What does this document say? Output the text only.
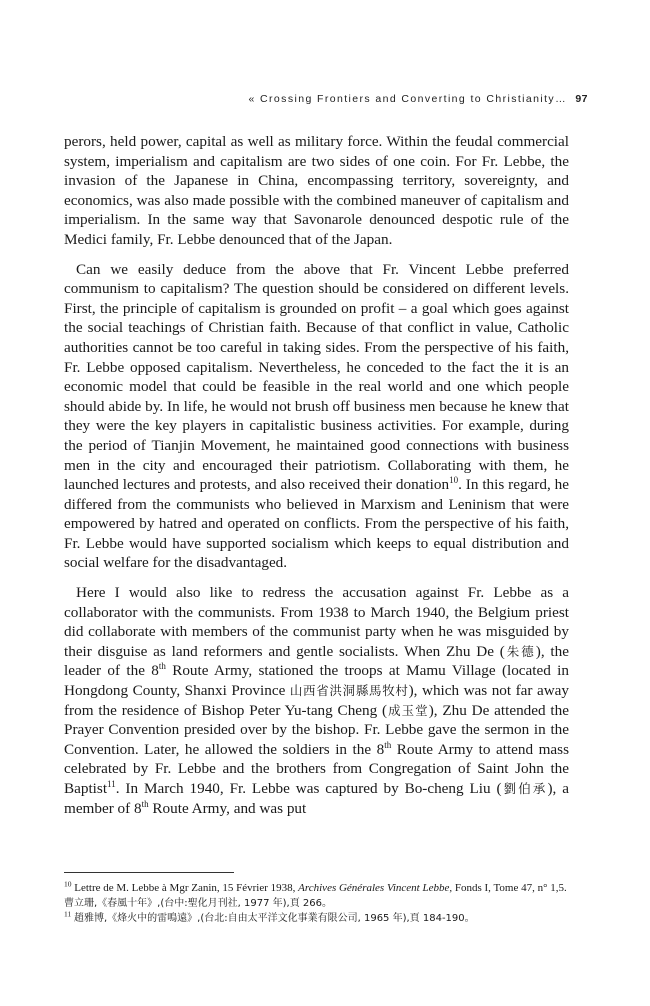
« Crossing Frontiers and Converting to Christianity… 97

perors, held power, capital as well as military force. Within the feudal commercial system, imperialism and capitalism are two sides of one coin. For Fr. Lebbe, the invasion of the Japanese in China, encompassing territory, sovereignty, and economics, was also made possible with the combined maneuver of capitalism and imperialism. In the same way that Savonarole denounced despotic rule of the Medici family, Fr. Lebbe denounced that of the Japan.

Can we easily deduce from the above that Fr. Vincent Lebbe preferred communism to capitalism? The question should be considered on different levels. First, the principle of capitalism is grounded on profit – a goal which goes against the social teachings of Christian faith. Because of that conflict in value, Catholic authorities cannot be too careful in taking sides. From the perspective of his faith, Fr. Lebbe opposed capitalism. Nevertheless, he conceded to the fact the it is an economic model that could be feasible in the real world and one which people should abide by. In life, he would not brush off business men because he knew that they were the key players in capitalistic business activities. For example, during the period of Tianjin Movement, he maintained good connections with business men in the city and encouraged their patriotism. Collaborating with them, he launched lectures and protests, and also received their donation$^{10}$. In this regard, he differed from the communists who believed in Marxism and Leninism that were empowered by hatred and operated on conflicts. From the perspective of his faith, Fr. Lebbe would have supported socialism which keeps to equal distribution and social welfare for the disadvantaged.

Here I would also like to redress the accusation against Fr. Lebbe as a collaborator with the communists. From 1938 to March 1940, the Belgium priest did collaborate with members of the communist party when he was misguided by their disguise as land reformers and gentle socialists. When Zhu De (朱德), the leader of the 8th Route Army, stationed the troops at Mamu Village (located in Hongdong County, Shanxi Province 山西省洪洞縣馬牧村), which was not far away from the residence of Bishop Peter Yu-tang Cheng (成玉堂), Zhu De attended the Prayer Convention presided over by the bishop. Fr. Lebbe gave the sermon in the Convention. Later, he allowed the soldiers in the 8th Route Army to attend mass celebrated by Fr. Lebbe and the brothers from Congregation of Saint John the Baptist$^{11}$. In March 1940, Fr. Lebbe was captured by Bo-cheng Liu (劉伯承), a member of 8th Route Army, and was put

$^{10}$ Lettre de M. Lebbe à Mgr Zanin, 15 Février 1938, Archives Générales Vincent Lebbe, Fonds I, Tome 47, n° 1,5. 曹立珊,《春風十年》,(台中:聖化月刊社, 1977 年),頁 266。

$^{11}$ 趙雅博,《烽火中的雷鳴遠》,(台北:自由太平洋文化事業有限公司, 1965 年),頁 184-190。
